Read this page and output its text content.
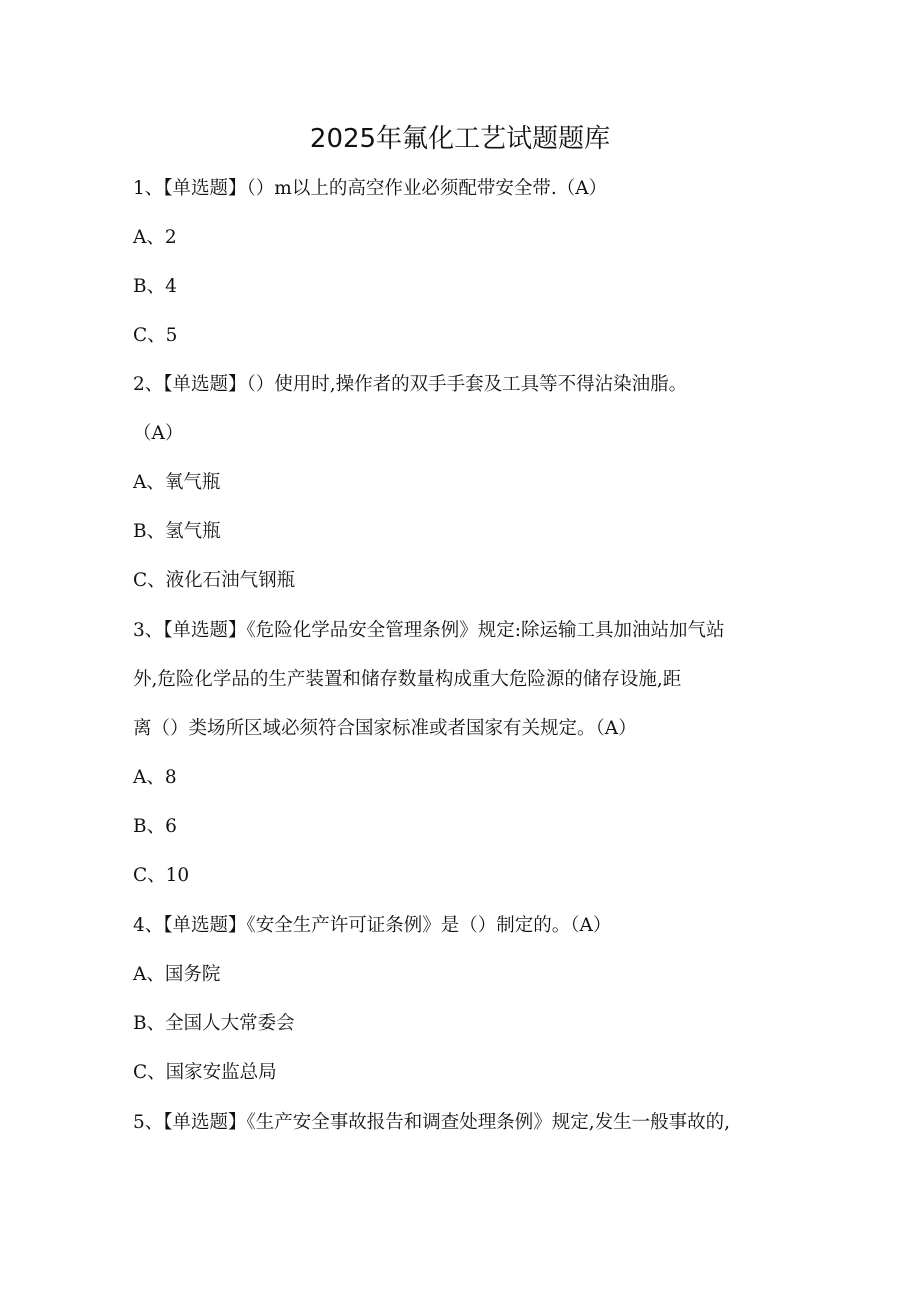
2025年氟化工艺试题题库
1、【单选题】（）m以上的高空作业必须配带安全带.（A）
A、2
B、4
C、5
2、【单选题】（）使用时,操作者的双手手套及工具等不得沾染油脂。
（A）
A、氧气瓶
B、氢气瓶
C、液化石油气钢瓶
3、【单选题】《危险化学品安全管理条例》规定:除运输工具加油站加气站
外,危险化学品的生产装置和储存数量构成重大危险源的储存设施,距
离（）类场所区域必须符合国家标准或者国家有关规定。（A）
A、8
B、6
C、10
4、【单选题】《安全生产许可证条例》是（）制定的。（A）
A、国务院
B、全国人大常委会
C、国家安监总局
5、【单选题】《生产安全事故报告和调查处理条例》规定,发生一般事故的,
